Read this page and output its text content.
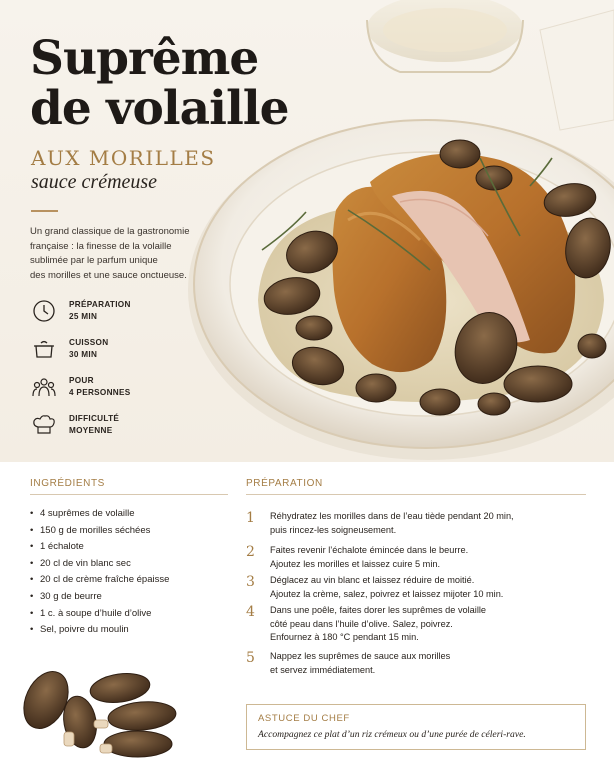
Suprême
de volaille
AUX MORILLES
sauce crémeuse

Un grand classique de la gastronomie
française : la finesse de la volaille
sublimée par le parfum unique
des morilles et une sauce onctueuse.

PRÉPARATION
25 MIN
CUISSON
30 MIN
POUR
4 PERSONNES
DIFFICULTÉ
MOYENNE
INGRÉDIENTS
• 4 suprêmes de volaille
• 150 g de morilles séchées
• 1 échalote
• 20 cl de vin blanc sec
• 20 cl de crème fraîche épaisse
• 30 g de beurre
• 1 c. à soupe d’huile d’olive
• Sel, poivre du moulin
PRÉPARATION
1	Réhydratez les morilles dans de l’eau tiède pendant 20 min,
puis rincez-les soigneusement.
2	Faites revenir l’échalote émincée dans le beurre.
Ajoutez les morilles et laissez cuire 5 min.
3	Déglacez au vin blanc et laissez réduire de moitié.
Ajoutez la crème, salez, poivrez et laissez mijoter 10 min.
4	Dans une poêle, faites dorer les suprêmes de volaille
côté peau dans l’huile d’olive. Salez, poivrez.
Enfournez à 180 °C pendant 15 min.
5	Nappez les suprêmes de sauce aux morilles
et servez immédiatement.
ASTUCE DU CHEF
Accompagnez ce plat d’un riz crémeux ou d’une purée de céleri-rave.
